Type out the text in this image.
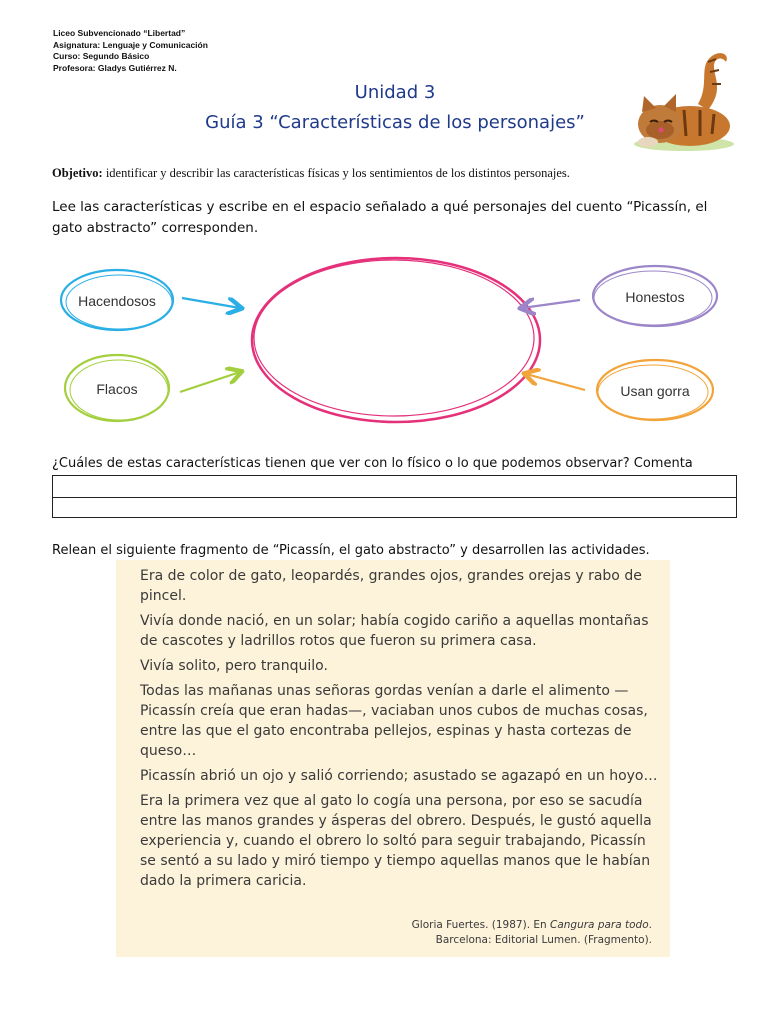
Liceo Subvencionado “Libertad”
Asignatura: Lenguaje y Comunicación
Curso: Segundo Básico
Profesora: Gladys Gutiérrez N.
Unidad 3
Guía 3 “Características de los personajes”
Objetivo: identificar y describir las características físicas y los sentimientos de los distintos personajes.
Lee las características y escribe en el espacio señalado a qué personajes del cuento “Picassín, el gato abstracto” corresponden.
Hacendosos
Flacos
Honestos
Usan gorra
¿Cuáles de estas características tienen que ver con lo físico o lo que podemos observar? Comenta
Relean el siguiente fragmento de “Picassín, el gato abstracto” y desarrollen las actividades.

Era de color de gato, leopardés, grandes ojos, grandes orejas y rabo de pincel.

Vivía donde nació, en un solar; había cogido cariño a aquellas montañas de cascotes y ladrillos rotos que fueron su primera casa.

Vivía solito, pero tranquilo.

Todas las mañanas unas señoras gordas venían a darle el alimento —Picassín creía que eran hadas—, vaciaban unos cubos de muchas cosas, entre las que el gato encontraba pellejos, espinas y hasta cortezas de queso…

Picassín abrió un ojo y salió corriendo; asustado se agazapó en un hoyo…

Era la primera vez que al gato lo cogía una persona, por eso se sacudía entre las manos grandes y ásperas del obrero. Después, le gustó aquella experiencia y, cuando el obrero lo soltó para seguir trabajando, Picassín se sentó a su lado y miró tiempo y tiempo aquellas manos que le habían dado la primera caricia.

Gloria Fuertes. (1987). En Cangura para todo.
Barcelona: Editorial Lumen. (Fragmento).
